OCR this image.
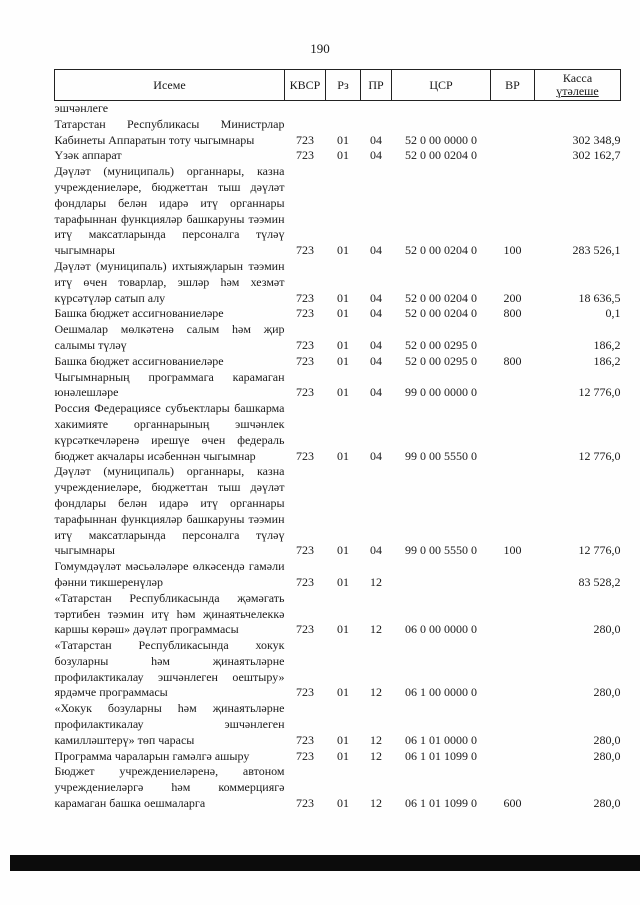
190
Исеме	КВСР	Рз	ПР	ЦСР	ВР	Касса
үтәлеше
эшчәнлеге						
Татарстан Республикасы Министрлар Кабинеты Аппаратын тоту чыгымнары	723	01	04	52 0 00 0000 0		302 348,9
Үзәк аппарат	723	01	04	52 0 00 0204 0		302 162,7
Дәүләт (муниципаль) органнары, казна учреждениеләре, бюджеттан тыш дәүләт фондлары белән идарә итү органнары тарафыннан функцияләр башкаруны тәэмин итү максатларында персоналга түләү чыгымнары	723	01	04	52 0 00 0204 0	100	283 526,1
Дәүләт (муниципаль) ихтыяҗларын тәэмин итү өчен товарлар, эшләр һәм хезмәт күрсәтүләр сатып алу	723	01	04	52 0 00 0204 0	200	18 636,5
Башка бюджет ассигнованиеләре	723	01	04	52 0 00 0204 0	800	0,1
Оешмалар мөлкәтенә салым һәм җир салымы түләү	723	01	04	52 0 00 0295 0		186,2
Башка бюджет ассигнованиеләре	723	01	04	52 0 00 0295 0	800	186,2
Чыгымнарның программага карамаган юнәлешләре	723	01	04	99 0 00 0000 0		12 776,0
Россия Федерациясе субъектлары башкарма хакимияте органнарының эшчәнлек күрсәткечләренә ирешүе өчен федераль бюджет акчалары исәбеннән чыгымнар	723	01	04	99 0 00 5550 0		12 776,0
Дәүләт (муниципаль) органнары, казна учреждениеләре, бюджеттан тыш дәүләт фондлары белән идарә итү органнары тарафыннан функцияләр башкаруны тәэмин итү максатларында персоналга түләү чыгымнары	723	01	04	99 0 00 5550 0	100	12 776,0
Гомумдәүләт мәсьәләләре өлкәсендә гамәли фәнни тикшеренүләр	723	01	12			83 528,2
«Татарстан Республикасында җәмәгать тәртибен тәэмин итү һәм җинаятьчелеккә каршы көрәш» дәүләт программасы	723	01	12	06 0 00 0000 0		280,0
«Татарстан Республикасында хокук бозуларны һәм җинаятьләрне профилактикалау эшчәнлеген оештыру» ярдәмче программасы	723	01	12	06 1 00 0000 0		280,0
«Хокук бозуларны һәм җинаятьләрне профилактикалау эшчәнлеген камилләштерү» төп чарасы	723	01	12	06 1 01 0000 0		280,0
Программа чараларын гамәлгә ашыру	723	01	12	06 1 01 1099 0		280,0
Бюджет учреждениеләренә, автоном учреждениеләргә һәм коммерциягә карамаган башка оешмаларга	723	01	12	06 1 01 1099 0	600	280,0
